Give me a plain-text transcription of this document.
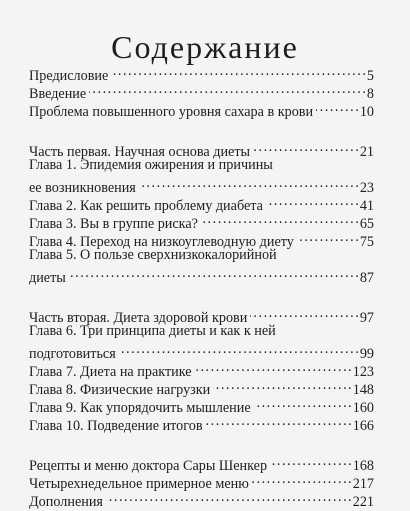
Содержание
Предисловие . . .	5
Введение . . .	8
Проблема повышенного уровня сахара в крови . . .	10
Часть первая. Научная основа диеты . . .	21
Глава 1. Эпидемия ожирения и причины
ее возникновения . . .	23
Глава 2. Как решить проблему диабета . . .	41
Глава 3. Вы в группе риска? . . .	65
Глава 4. Переход на низкоуглеводную диету . . .	75
Глава 5. О пользе сверхнизкокалорийной
диеты . . .	87
Часть вторая. Диета здоровой крови . . .	97
Глава 6. Три принципа диеты и как к ней
подготовиться . . .	99
Глава 7. Диета на практике . . .	123
Глава 8. Физические нагрузки . . .	148
Глава 9. Как упорядочить мышление . . .	160
Глава 10. Подведение итогов . . .	166
Рецепты и меню доктора Сары Шенкер . . .	168
Четырехнедельное примерное меню . . .	217
Дополнения . . .	221
